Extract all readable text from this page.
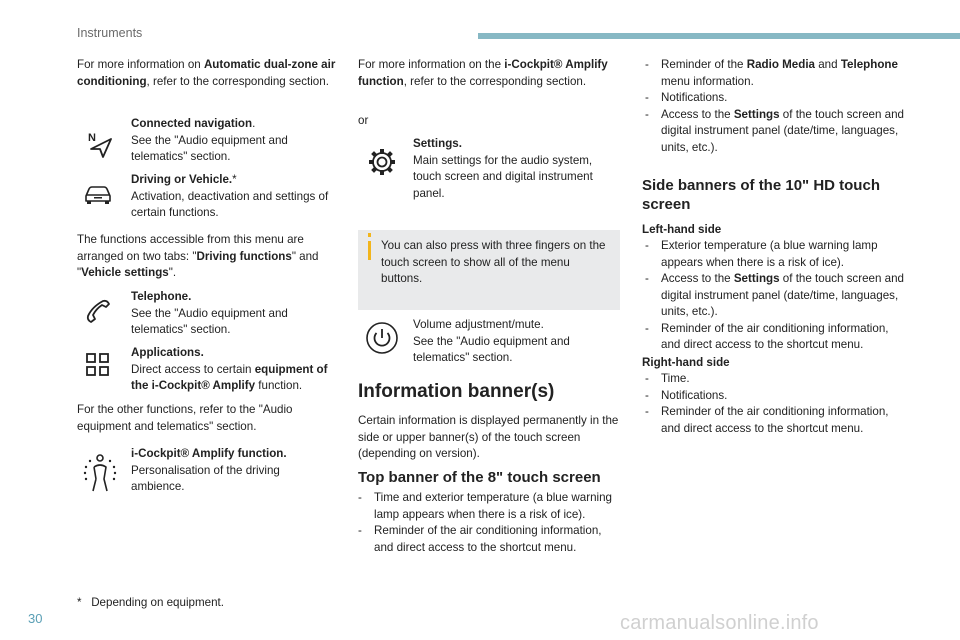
Instruments

For more information on Automatic dual-zone air conditioning, refer to the corresponding section.

N
Connected navigation.
See the "Audio equipment and telematics" section.
Driving or Vehicle.*
Activation, deactivation and settings of certain functions.

The functions accessible from this menu are arranged on two tabs: "Driving functions" and "Vehicle settings".

Telephone.
See the "Audio equipment and telematics" section.
Applications.
Direct access to certain equipment of the i-Cockpit® Amplify function.

For the other functions, refer to the "Audio equipment and telematics" section.

i-Cockpit® Amplify function.
Personalisation of the driving ambience.
* Depending on equipment.

For more information on the i-Cockpit® Amplify function, refer to the corresponding section.

or
Settings.
Main settings for the audio system, touch screen and digital instrument panel.
You can also press with three fingers on the touch screen to show all of the menu buttons.
Volume adjustment/mute.
See the "Audio equipment and telematics" section.
Information banner(s)

Certain information is displayed permanently in the side or upper banner(s) of the touch screen (depending on version).

Top banner of the 8" touch screen
- Time and exterior temperature (a blue warning lamp appears when there is a risk of ice).
- Reminder of the air conditioning information, and direct access to the shortcut menu.
- Reminder of the Radio Media and Telephone menu information.
- Notifications.
- Access to the Settings of the touch screen and digital instrument panel (date/time, languages, units, etc.).
Side banners of the 10" HD touch screen
Left-hand side
- Exterior temperature (a blue warning lamp appears when there is a risk of ice).
- Access to the Settings of the touch screen and digital instrument panel (date/time, languages, units, etc.).
- Reminder of the air conditioning information, and direct access to the shortcut menu.
Right-hand side
- Time.
- Notifications.
- Reminder of the air conditioning information, and direct access to the shortcut menu.
30	carmanualsonline.info
